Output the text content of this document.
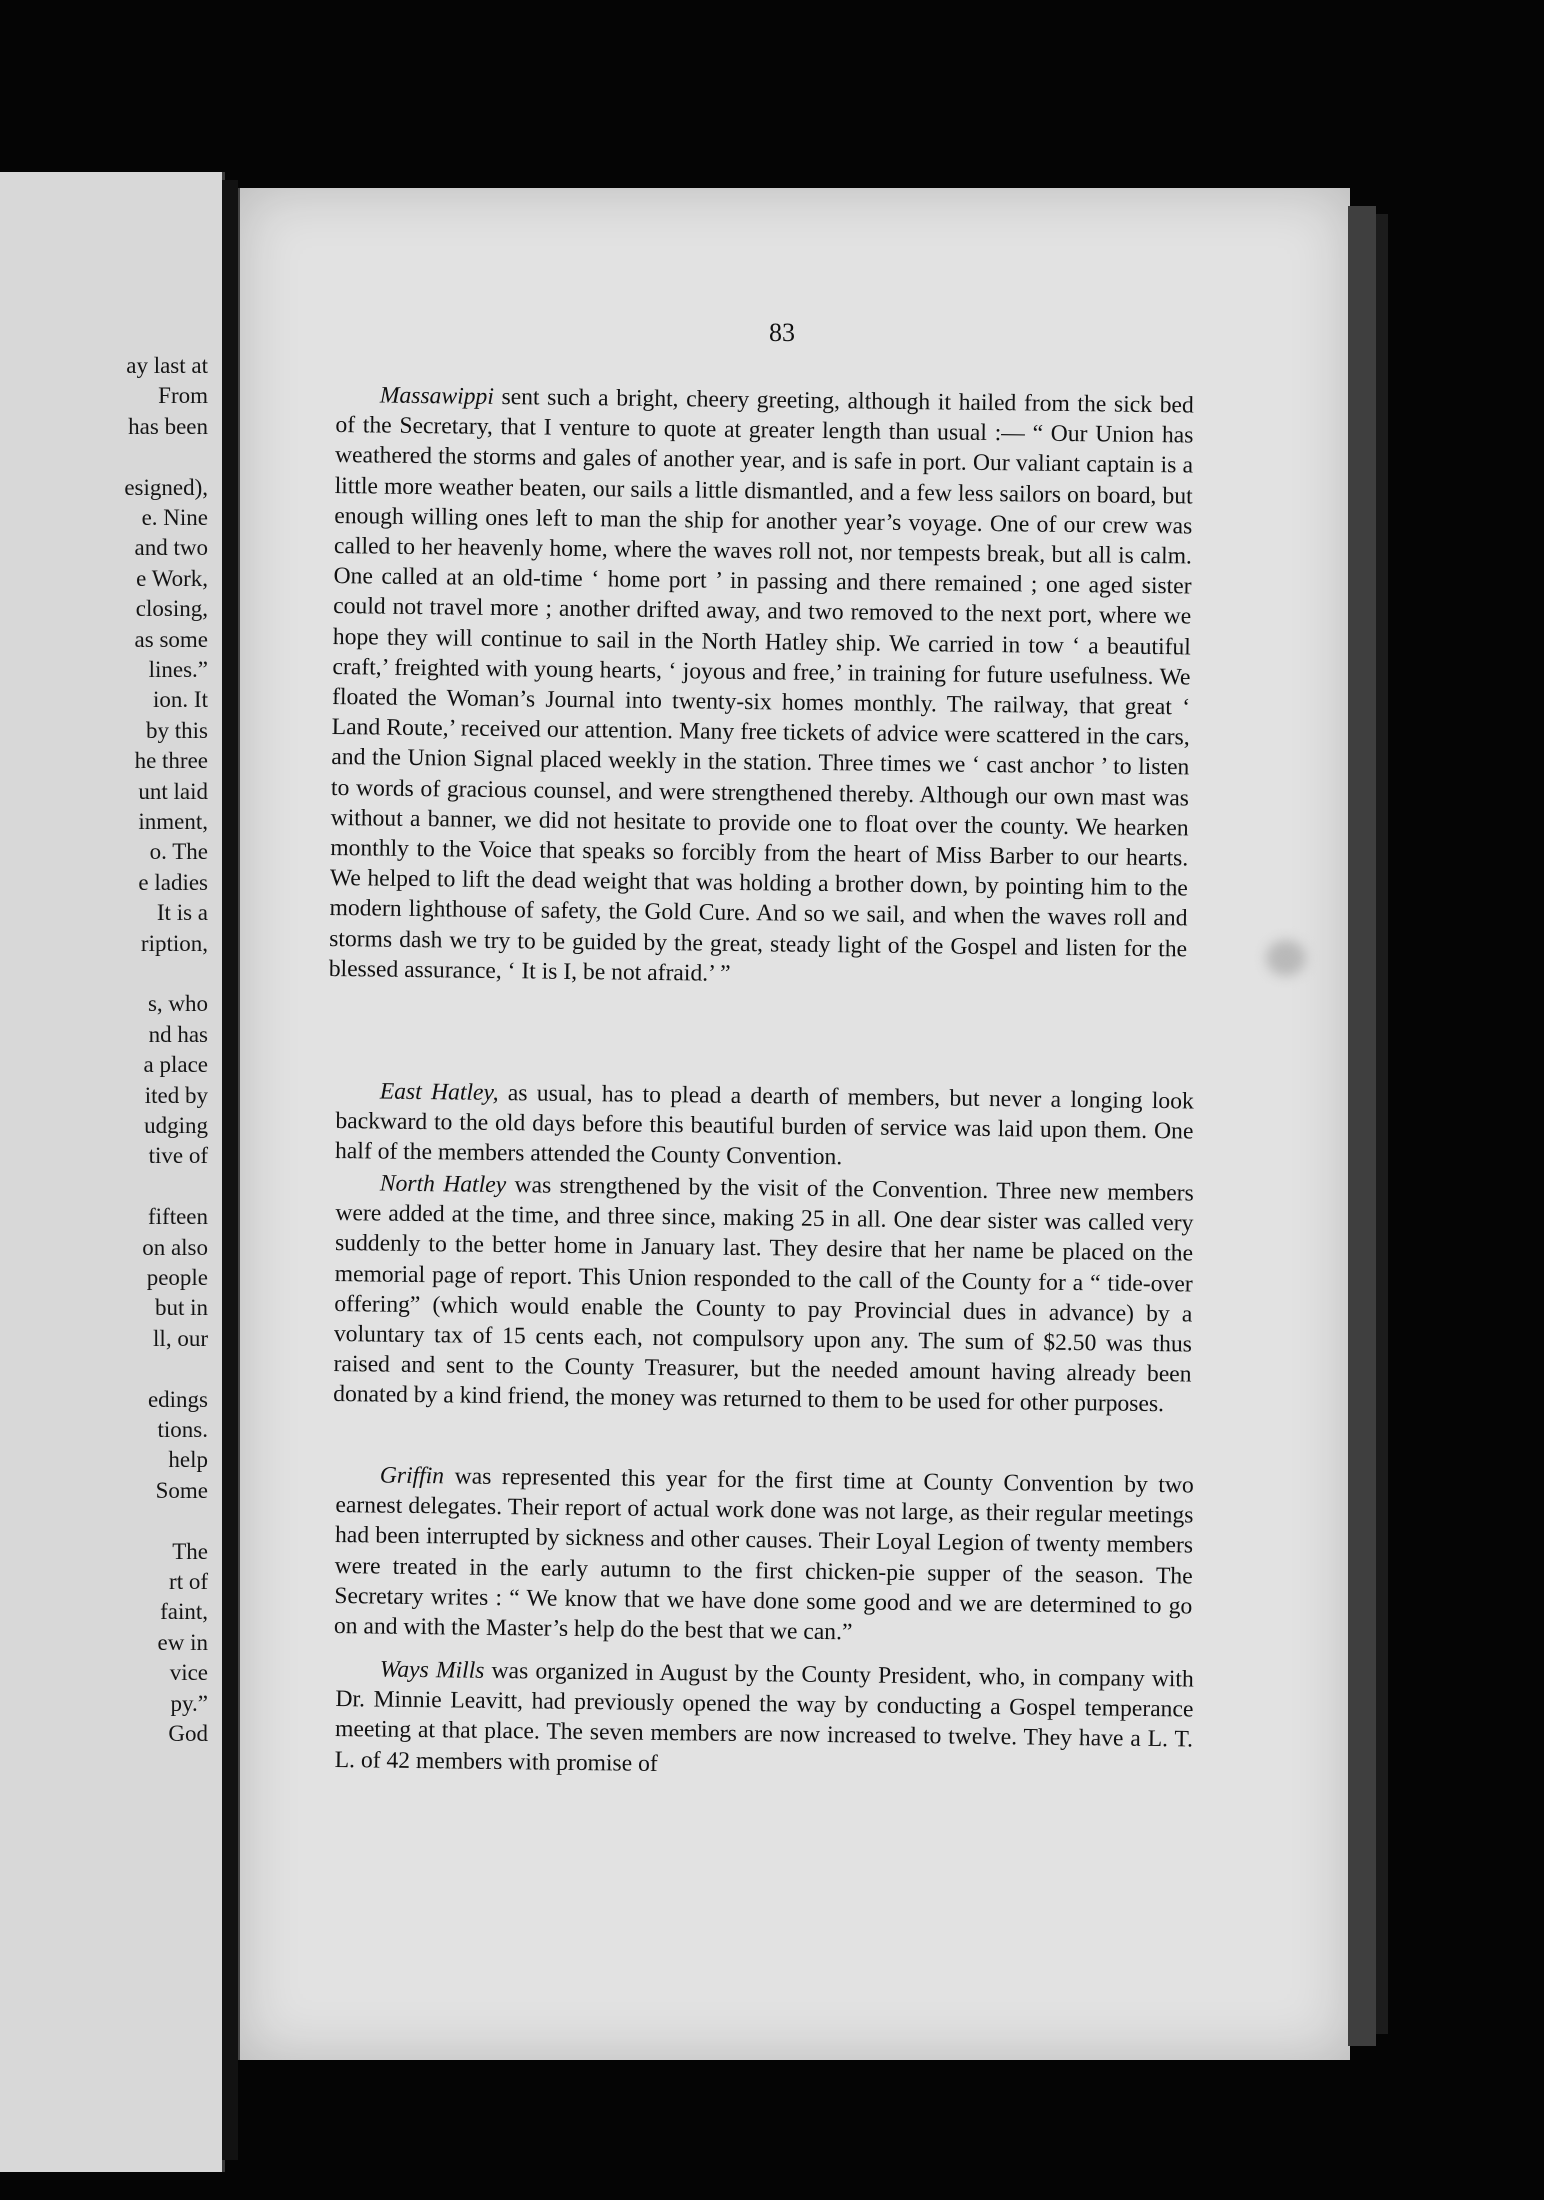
ay last at
From
has been
esigned),
e. Nine
and two
e Work,
closing,
as some
lines.”
ion. It
by this
he three
unt laid
inment,
o. The
e ladies
It is a
ription,
s, who
nd has
a place
ited by
udging
tive of
fifteen
on also
people
but in
ll, our
edings
tions.
help
Some
The
rt of
faint,
ew in
vice
py.”
God
83

Massawippi sent such a bright, cheery greeting, although it hailed from the sick bed of the Secretary, that I venture to quote at greater length than usual :— “ Our Union has weathered the storms and gales of another year, and is safe in port. Our valiant captain is a little more weather beaten, our sails a little dismantled, and a few less sailors on board, but enough willing ones left to man the ship for another year’s voyage. One of our crew was called to her heavenly home, where the waves roll not, nor tempests break, but all is calm. One called at an old-time ‘ home port ’ in passing and there remained ; one aged sister could not travel more ; another drifted away, and two removed to the next port, where we hope they will continue to sail in the North Hatley ship. We carried in tow ‘ a beautiful craft,’ freighted with young hearts, ‘ joyous and free,’ in training for future usefulness. We floated the Woman’s Journal into twenty-six homes monthly. The railway, that great ‘ Land Route,’ received our attention. Many free tickets of advice were scattered in the cars, and the Union Signal placed weekly in the station. Three times we ‘ cast anchor ’ to listen to words of gracious counsel, and were strengthened thereby. Although our own mast was without a banner, we did not hesitate to provide one to float over the county. We hearken monthly to the Voice that speaks so forcibly from the heart of Miss Barber to our hearts. We helped to lift the dead weight that was holding a brother down, by pointing him to the modern lighthouse of safety, the Gold Cure. And so we sail, and when the waves roll and storms dash we try to be guided by the great, steady light of the Gospel and listen for the blessed assurance, ‘ It is I, be not afraid.’ ”

East Hatley, as usual, has to plead a dearth of members, but never a longing look backward to the old days before this beautiful burden of service was laid upon them. One half of the members attended the County Convention.

North Hatley was strengthened by the visit of the Convention. Three new members were added at the time, and three since, making 25 in all. One dear sister was called very suddenly to the better home in January last. They desire that her name be placed on the memorial page of report. This Union responded to the call of the County for a “ tide-over offering” (which would enable the County to pay Provincial dues in advance) by a voluntary tax of 15 cents each, not compulsory upon any. The sum of $2.50 was thus raised and sent to the County Treasurer, but the needed amount having already been donated by a kind friend, the money was returned to them to be used for other purposes.

Griffin was represented this year for the first time at County Convention by two earnest delegates. Their report of actual work done was not large, as their regular meetings had been interrupted by sickness and other causes. Their Loyal Legion of twenty members were treated in the early autumn to the first chicken-pie supper of the season. The Secretary writes : “ We know that we have done some good and we are determined to go on and with the Master’s help do the best that we can.”

Ways Mills was organized in August by the County President, who, in company with Dr. Minnie Leavitt, had previously opened the way by conducting a Gospel temperance meeting at that place. The seven members are now increased to twelve. They have a L. T. L. of 42 members with promise of
